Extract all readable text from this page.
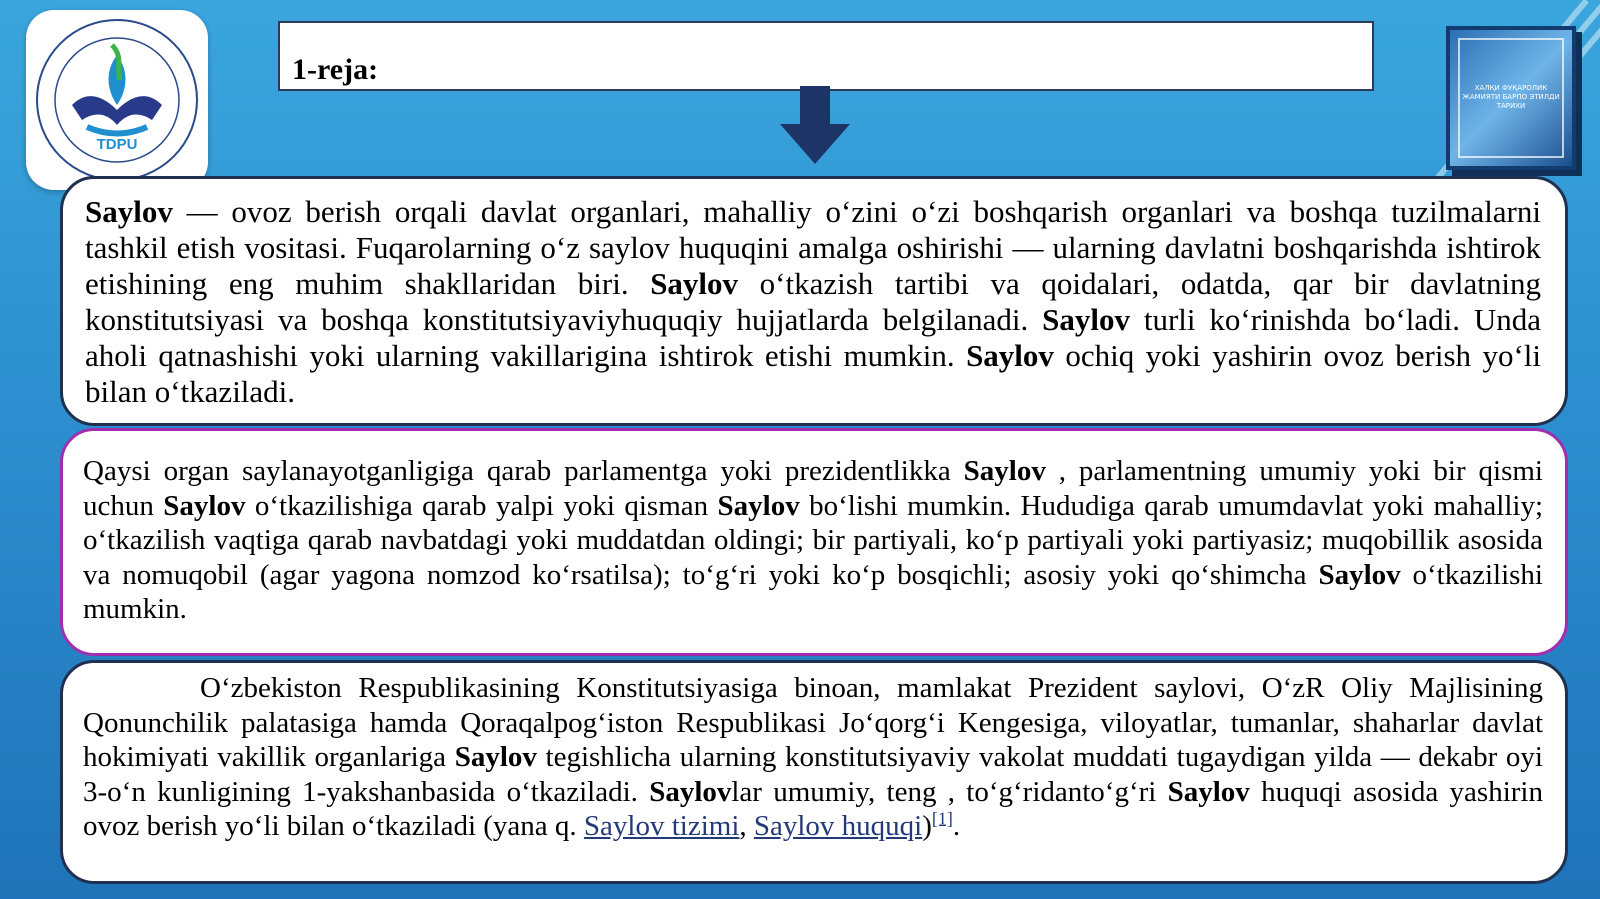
TDPU
1-reja:
ХАЛҚИ ФУҚАРОЛИК ЖАМИЯТИ БАРПО ЭТИЛДИ ТАРИХИ
Saylov — ovoz berish orqali davlat organlari, mahalliy oʻzini oʻzi boshqarish organlari va boshqa tuzilmalarni tashkil etish vositasi. Fuqarolarning oʻz saylov huquqini amalga oshirishi — ularning davlatni boshqarishda ishtirok etishining eng muhim shakllaridan biri. Saylov oʻtkazish tartibi va qoidalari, odatda, qar bir davlatning konstitutsiyasi va boshqa konstitutsiyaviyhuquqiy hujjatlarda belgilanadi. Saylov turli koʻrinishda boʻladi. Unda aholi qatnashishi yoki ularning vakillarigina ishtirok etishi mumkin. Saylov ochiq yoki yashirin ovoz berish yoʻli bilan oʻtkaziladi.
Qaysi organ saylanayotganligiga qarab parlamentga yoki prezidentlikka Saylov , parlamentning umumiy yoki bir qismi uchun Saylov oʻtkazilishiga qarab yalpi yoki qisman Saylov boʻlishi mumkin. Hududiga qarab umumdavlat yoki mahalliy; oʻtkazilish vaqtiga qarab navbatdagi yoki muddatdan oldingi; bir partiyali, koʻp partiyali yoki partiyasiz; muqobillik asosida va nomuqobil (agar yagona nomzod koʻrsatilsa); toʻgʻri yoki koʻp bosqichli; asosiy yoki qoʻshimcha Saylov oʻtkazilishi mumkin.
Oʻzbekiston Respublikasining Konstitutsiyasiga binoan, mamlakat Prezident saylovi, OʻzR Oliy Majlisining Qonunchilik palatasiga hamda Qoraqalpogʻiston Respublikasi Joʻqorgʻi Kengesiga, viloyatlar, tumanlar, shaharlar davlat hokimiyati vakillik organlariga Saylov tegishlicha ularning konstitutsiyaviy vakolat muddati tugaydigan yilda — dekabr oyi 3-oʻn kunligining 1-yakshanbasida oʻtkaziladi. Saylovlar umumiy, teng , toʻgʻridantoʻgʻri Saylov huquqi asosida yashirin ovoz berish yoʻli bilan oʻtkaziladi (yana q. Saylov tizimi, Saylov huquqi)[1].
